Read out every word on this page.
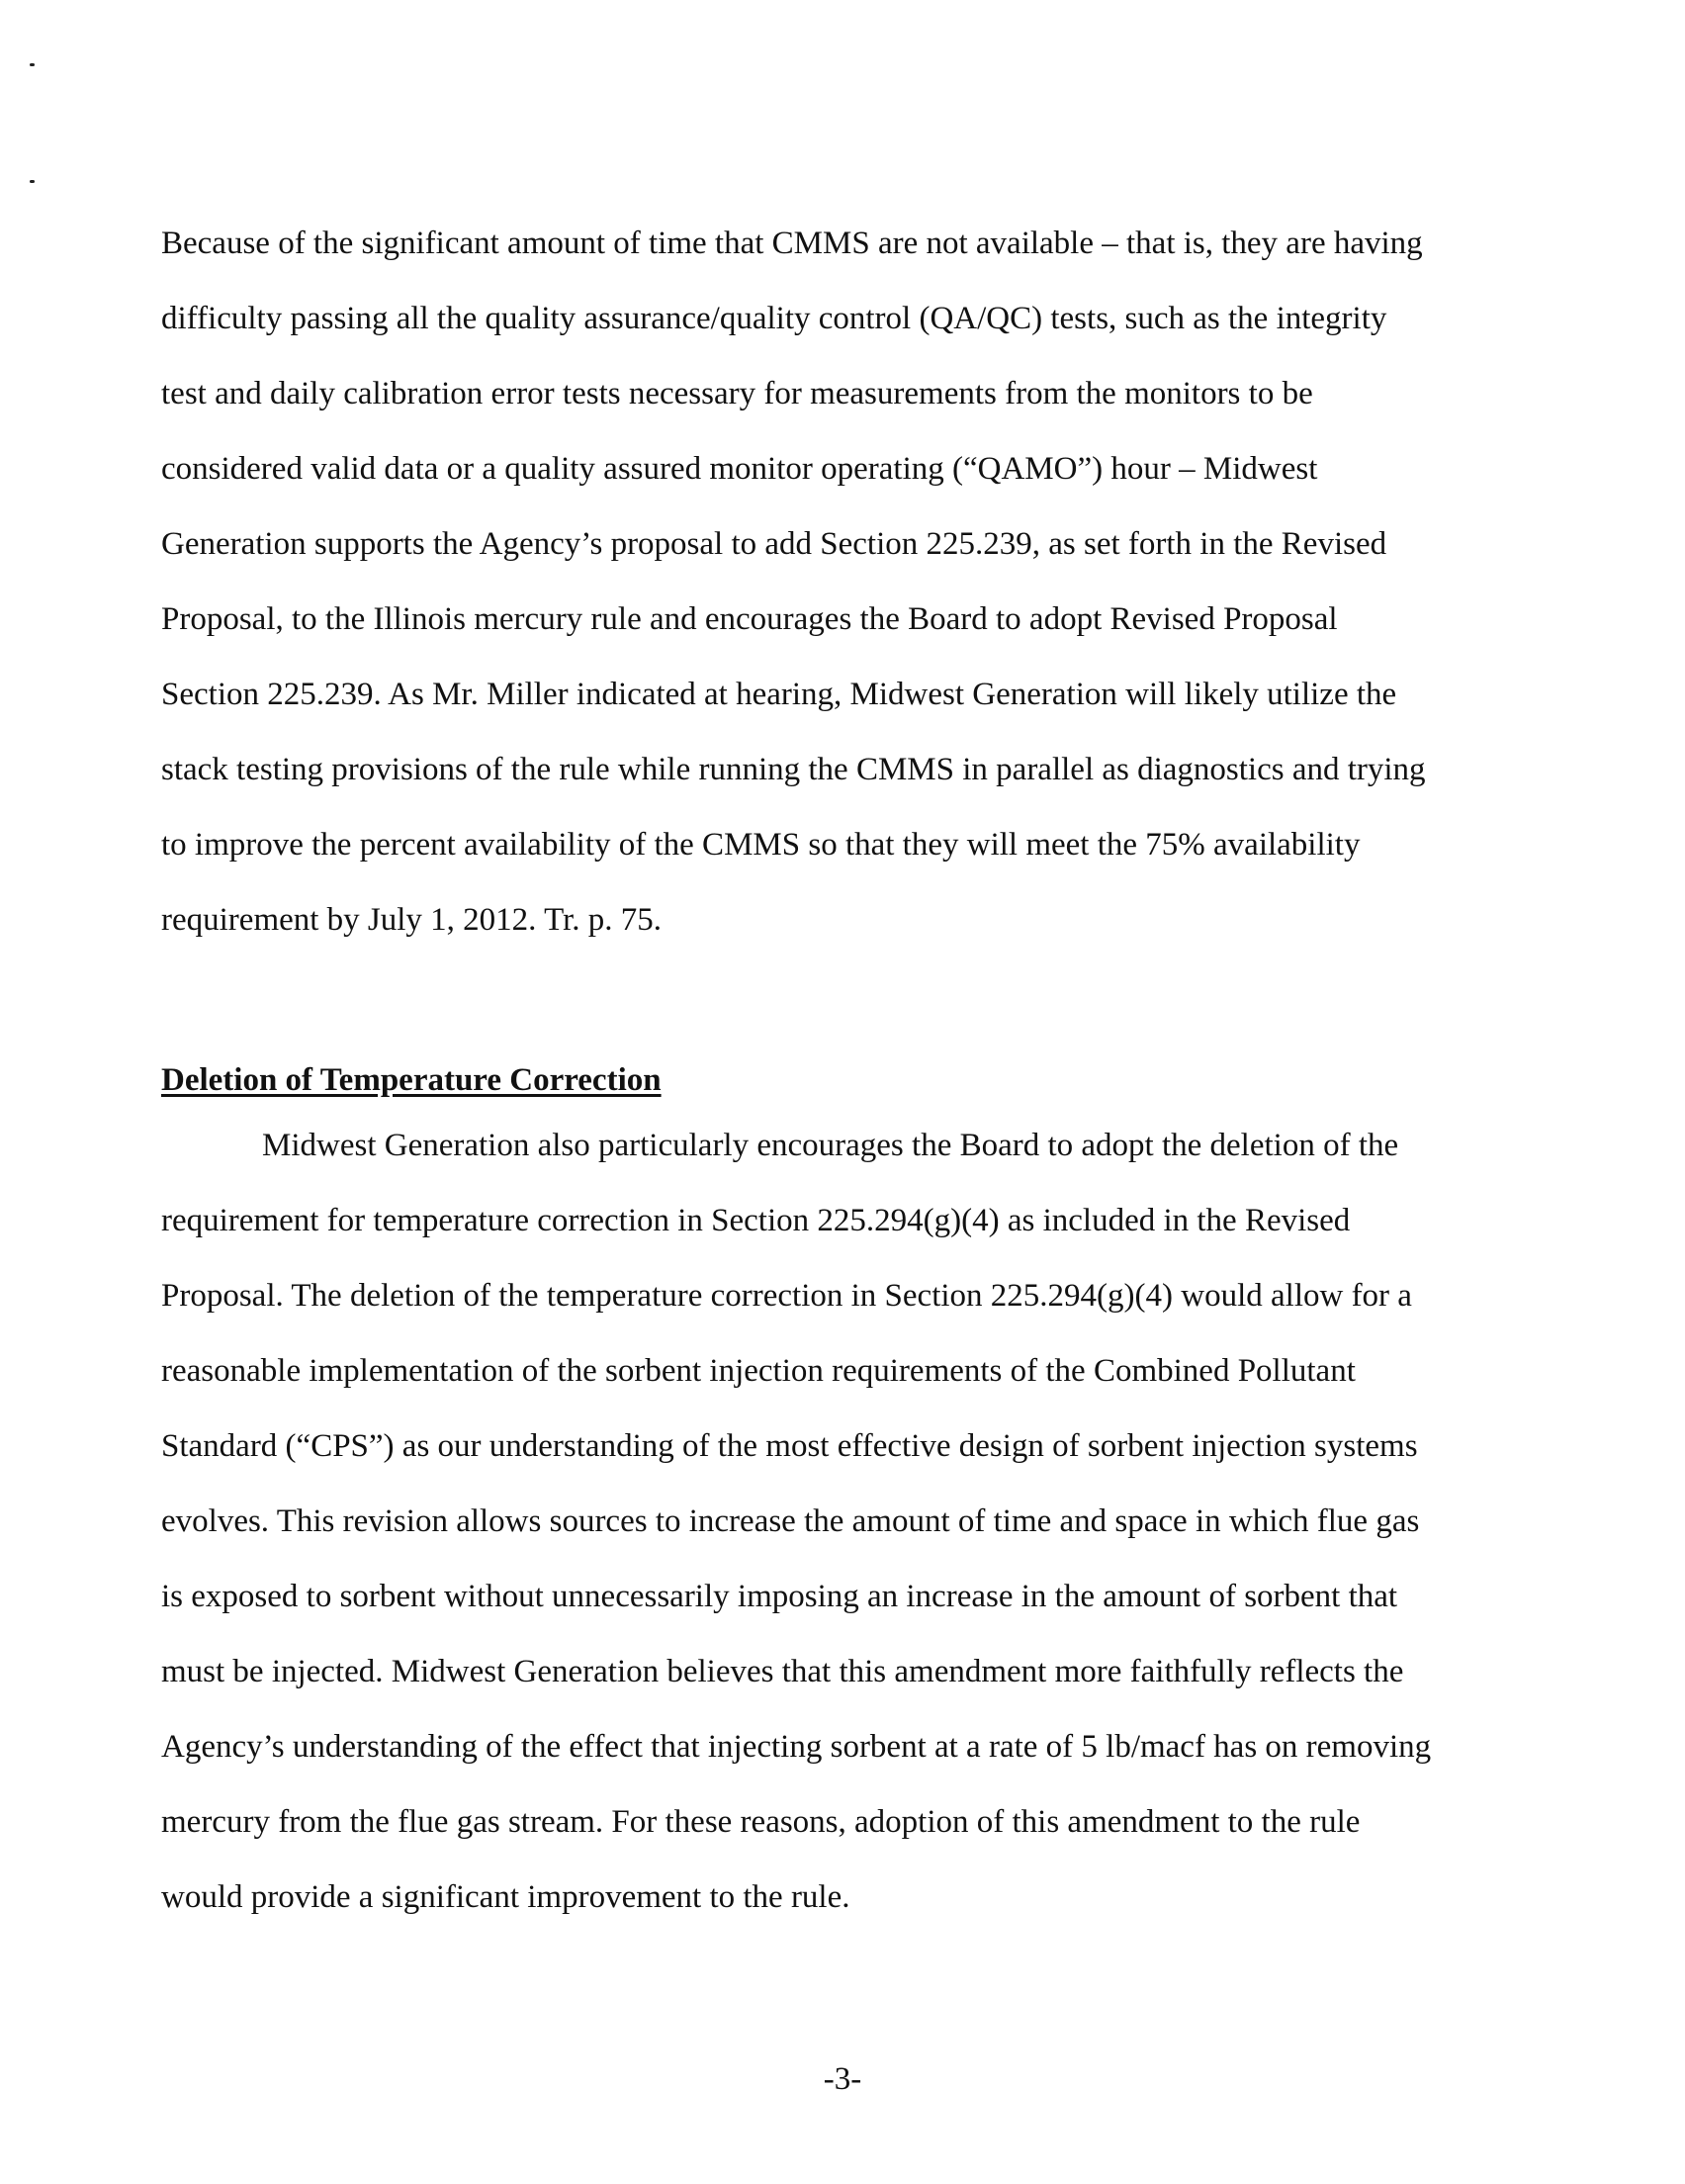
Because of the significant amount of time that CMMS are not available – that is, they are having
difficulty passing all the quality assurance/quality control (QA/QC) tests, such as the integrity
test and daily calibration error tests necessary for measurements from the monitors to be
considered valid data or a quality assured monitor operating (“QAMO”) hour – Midwest
Generation supports the Agency’s proposal to add Section 225.239, as set forth in the Revised
Proposal, to the Illinois mercury rule and encourages the Board to adopt Revised Proposal
Section 225.239. As Mr. Miller indicated at hearing, Midwest Generation will likely utilize the
stack testing provisions of the rule while running the CMMS in parallel as diagnostics and trying
to improve the percent availability of the CMMS so that they will meet the 75% availability
requirement by July 1, 2012. Tr. p. 75.
Deletion of Temperature Correction
Midwest Generation also particularly encourages the Board to adopt the deletion of the
requirement for temperature correction in Section 225.294(g)(4) as included in the Revised
Proposal. The deletion of the temperature correction in Section 225.294(g)(4) would allow for a
reasonable implementation of the sorbent injection requirements of the Combined Pollutant
Standard (“CPS”) as our understanding of the most effective design of sorbent injection systems
evolves. This revision allows sources to increase the amount of time and space in which flue gas
is exposed to sorbent without unnecessarily imposing an increase in the amount of sorbent that
must be injected. Midwest Generation believes that this amendment more faithfully reflects the
Agency’s understanding of the effect that injecting sorbent at a rate of 5 lb/macf has on removing
mercury from the flue gas stream. For these reasons, adoption of this amendment to the rule
would provide a significant improvement to the rule.
-3-
